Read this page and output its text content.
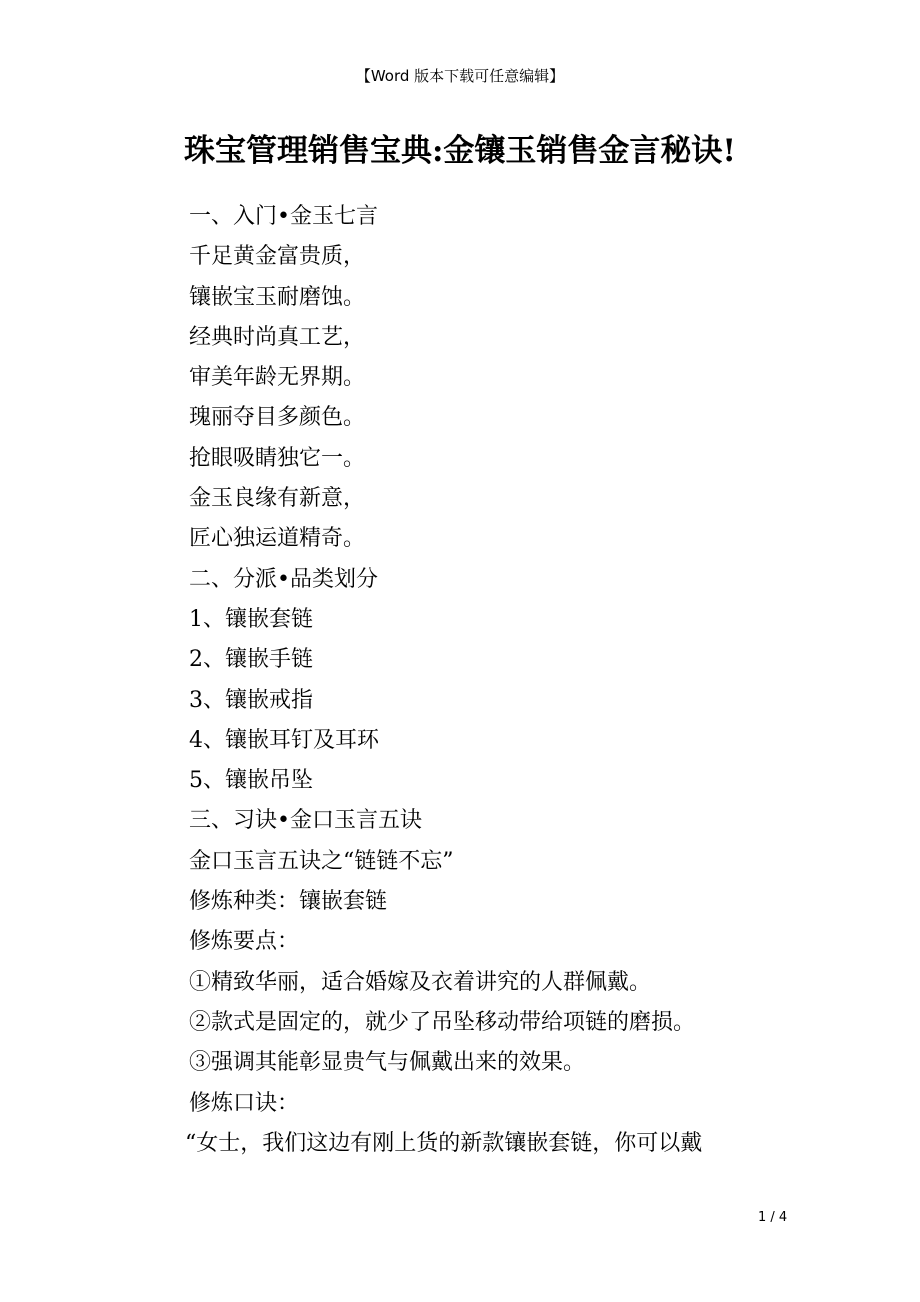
【Word 版本下载可任意编辑】
珠宝管理销售宝典:金镶玉销售金言秘诀!
一、入门•金玉七言
千足黄金富贵质，
镶嵌宝玉耐磨蚀。
经典时尚真工艺，
审美年龄无界期。
瑰丽夺目多颜色。
抢眼吸睛独它一。
金玉良缘有新意，
匠心独运道精奇。
二、分派•品类划分
1、镶嵌套链
2、镶嵌手链
3、镶嵌戒指
4、镶嵌耳钉及耳环
5、镶嵌吊坠
三、习诀•金口玉言五诀
金口玉言五诀之“链链不忘”
修炼种类：镶嵌套链
修炼要点：
①精致华丽，适合婚嫁及衣着讲究的人群佩戴。
②款式是固定的，就少了吊坠移动带给项链的磨损。
③强调其能彰显贵气与佩戴出来的效果。
修炼口诀：
“女士，我们这边有刚上货的新款镶嵌套链，你可以戴
1 / 4
